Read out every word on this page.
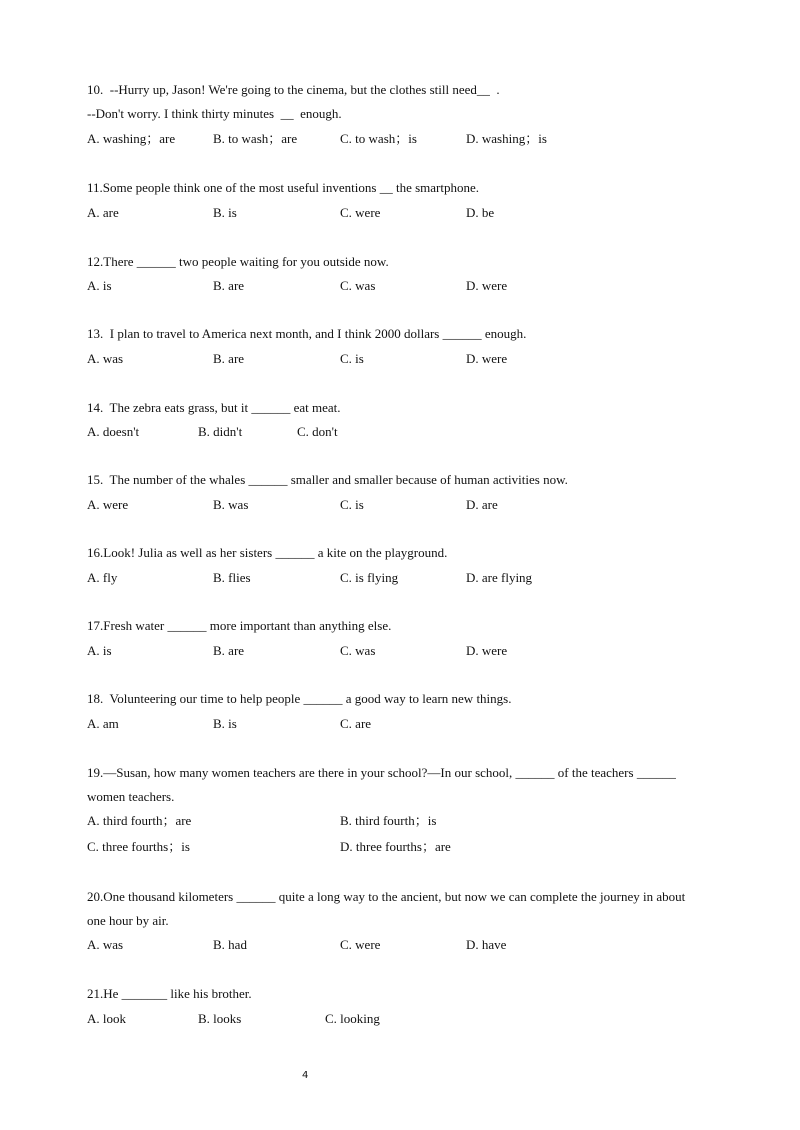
10.  --Hurry up, Jason! We're going to the cinema, but the clothes still need__  .
--Don't worry. I think thirty minutes  __  enough.
A. washing；are	B. to wash；are	C. to wash；is	D. washing；is
11.Some people think one of the most useful inventions __ the smartphone.
A. are	B. is	C. were	D. be
12.There ______ two people waiting for you outside now.
A. is	B. are	C. was	D. were
13.  I plan to travel to America next month, and I think 2000 dollars ______ enough.
A. was	B. are	C. is	D. were
14.  The zebra eats grass, but it ______ eat meat.
A. doesn't	B. didn't	C. don't
15.  The number of the whales ______ smaller and smaller because of human activities now.
A. were	B. was	C. is	D. are
16.Look! Julia as well as her sisters ______ a kite on the playground.
A. fly	B. flies	C. is flying	D. are flying
17.Fresh water ______ more important than anything else.
A. is	B. are	C. was	D. were
18.  Volunteering our time to help people ______ a good way to learn new things.
A. am	B. is	C. are
19.—Susan, how many women teachers are there in your school?—In our school, ______ of the teachers ______
women teachers.
A. third fourth；are	B. third fourth；is
C. three fourths；is	D. three fourths；are
20.One thousand kilometers ______ quite a long way to the ancient, but now we can complete the journey in about
one hour by air.
A. was	B. had	C. were	D. have
21.He _______ like his brother.
A. look	B. looks	C. looking
4
